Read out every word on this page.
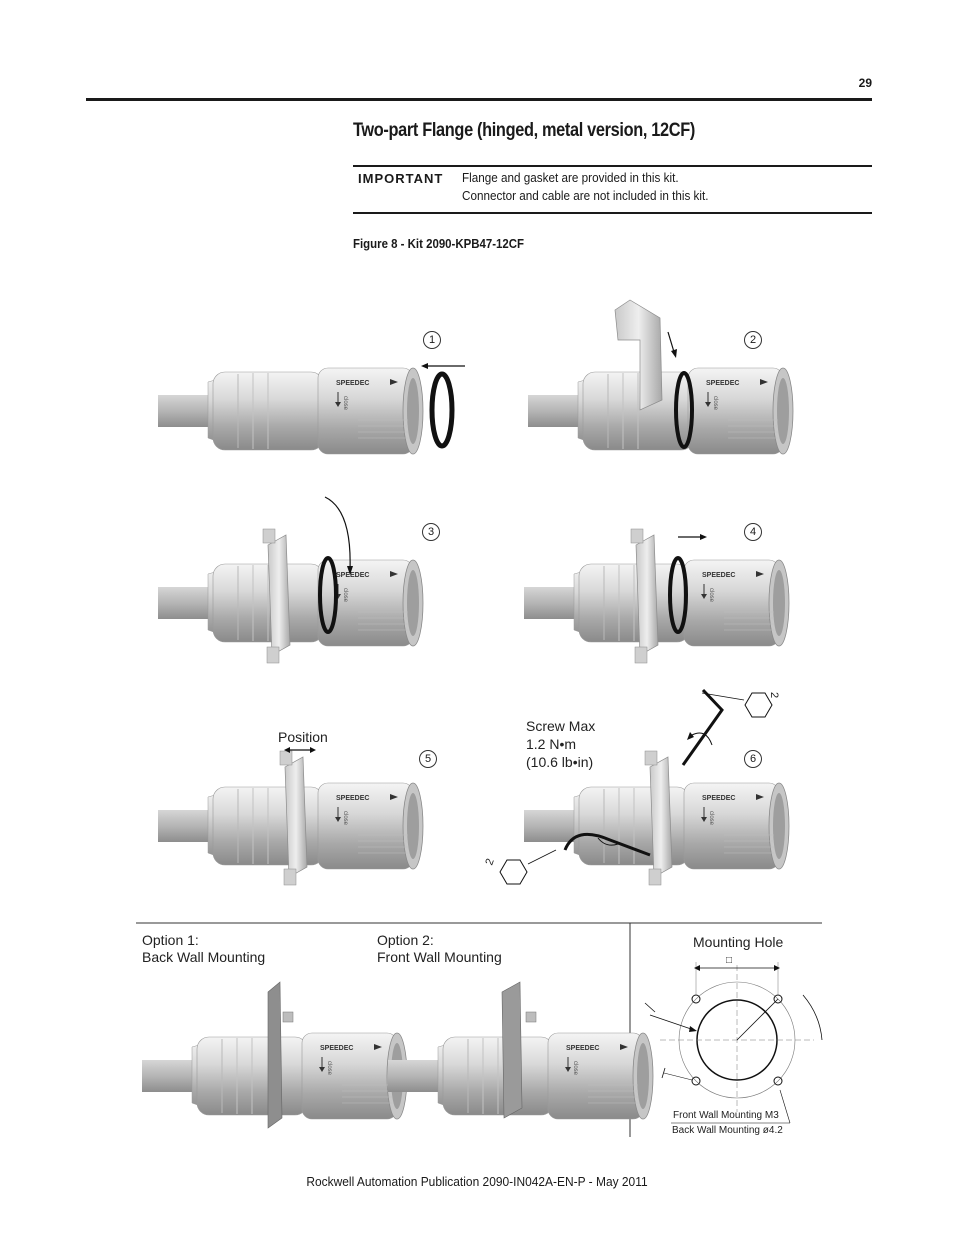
29
Two-part Flange (hinged, metal version, 12CF)
IMPORTANT Flange and gasket are provided in this kit.
Connector and cable are not included in this kit.
Figure 8 - Kit 2090-KPB47-12CF
SPEEDEC
close
1	2
3	4
5	6
Position
Screw Max
1.2 N•m
(10.6 lb•in)
2
2
Option 1:
Back Wall Mounting
Option 2:
Front Wall Mounting
Mounting Hole
□
Front Wall Mounting M3
Back Wall Mounting ø4.2
Rockwell Automation Publication 2090-IN042A-EN-P - May 2011
